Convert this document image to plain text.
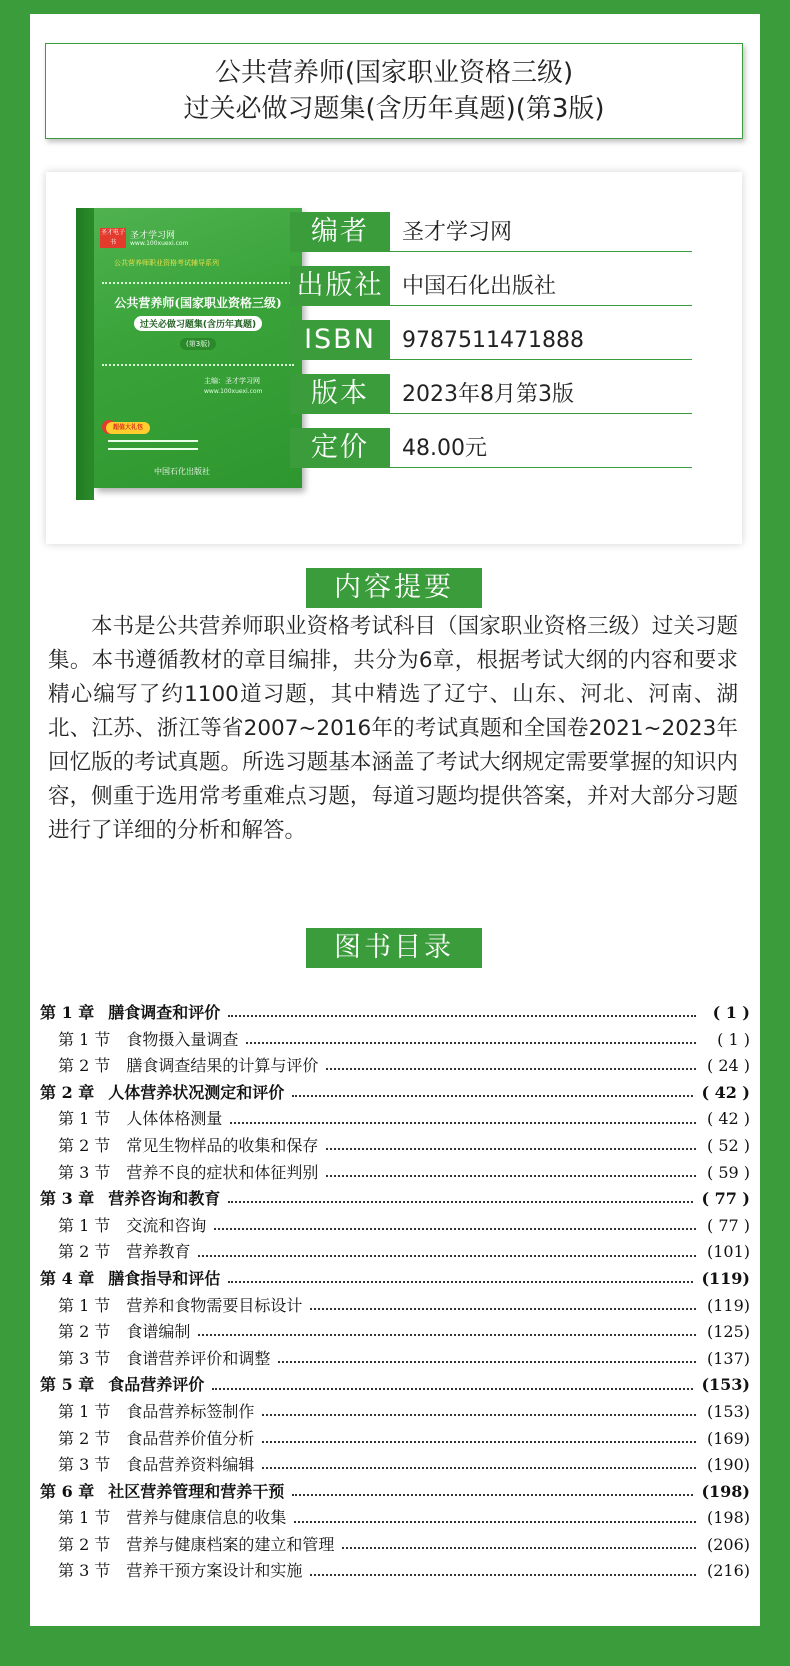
公共营养师(国家职业资格三级)
过关必做习题集(含历年真题)(第3版)
圣才电子书
圣才学习网
www.100xuexi.com
公共营养师职业资格考试辅导系列
公共营养师(国家职业资格三级)
过关必做习题集(含历年真题)
(第3版)
主编：圣才学习网
www.100xuexi.com
超值大礼包
中国石化出版社
编者	圣才学习网
出版社 中国石化出版社
ISBN	9787511471888
版本	2023年8月第3版
定价	48.00元
内容提要
本书是公共营养师职业资格考试科目（国家职业资格三级）过关习题集。本书遵循教材的章目编排，共分为6章，根据考试大纲的内容和要求精心编写了约1100道习题，其中精选了辽宁、山东、河北、河南、湖北、江苏、浙江等省2007~2016年的考试真题和全国卷2021~2023年回忆版的考试真题。所选习题基本涵盖了考试大纲规定需要掌握的知识内容，侧重于选用常考重难点习题，每道习题均提供答案，并对大部分习题进行了详细的分析和解答。
图书目录
第 1 章 膳食调查和评价	( 1 )
第 1 节 食物摄入量调查	( 1 )
第 2 节 膳食调查结果的计算与评价	( 24 )
第 2 章 人体营养状况测定和评价	( 42 )
第 1 节 人体体格测量	( 42 )
第 2 节 常见生物样品的收集和保存	( 52 )
第 3 节 营养不良的症状和体征判别	( 59 )
第 3 章 营养咨询和教育	( 77 )
第 1 节 交流和咨询	( 77 )
第 2 节 营养教育	(101)
第 4 章 膳食指导和评估	(119)
第 1 节 营养和食物需要目标设计	(119)
第 2 节 食谱编制	(125)
第 3 节 食谱营养评价和调整	(137)
第 5 章 食品营养评价	(153)
第 1 节 食品营养标签制作	(153)
第 2 节 食品营养价值分析	(169)
第 3 节 食品营养资料编辑	(190)
第 6 章 社区营养管理和营养干预	(198)
第 1 节 营养与健康信息的收集	(198)
第 2 节 营养与健康档案的建立和管理	(206)
第 3 节 营养干预方案设计和实施	(216)
